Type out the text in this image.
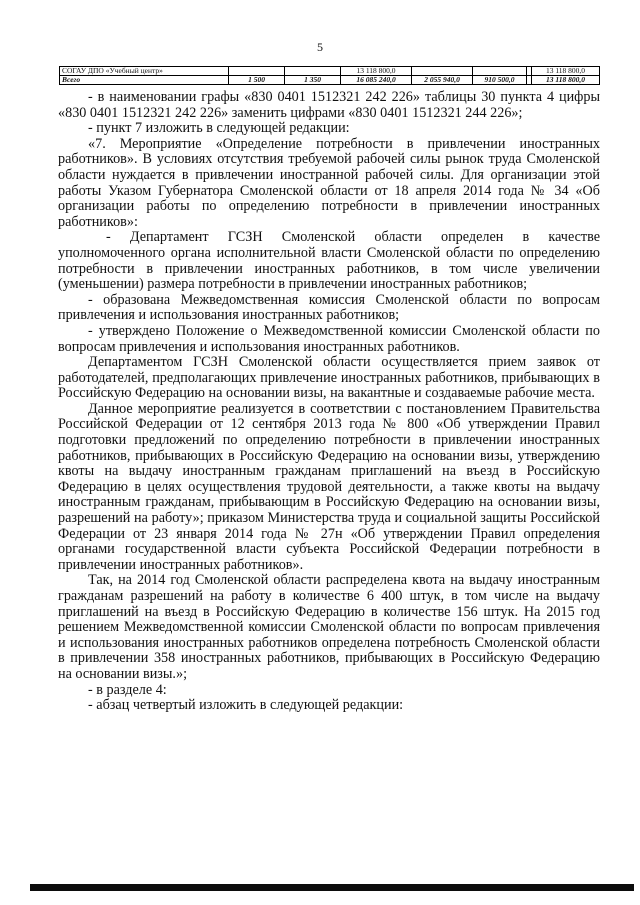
5
СОГАУ ДПО «Учебный центр»			13 118 800,0				13 118 800,0
Всего	1 500	1 350	16 085 240,0	2 055 940,0	910 500,0		13 118 800,0

- в наименовании графы «830 0401 1512321 242 226» таблицы 30 пункта 4 цифры «830 0401 1512321 242 226» заменить цифрами «830 0401 1512321 244 226»;

- пункт 7 изложить в следующей редакции:

«7. Мероприятие «Определение потребности в привлечении иностранных работников». В условиях отсутствия требуемой рабочей силы рынок труда Смоленской области нуждается в привлечении иностранной рабочей силы. Для организации этой работы Указом Губернатора Смоленской области от 18 апреля 2014 года № 34 «Об организации работы по определению потребности в привлечении иностранных работников»:

- Департамент ГСЗН Смоленской области определен в качестве уполномоченного органа исполнительной власти Смоленской области по определению потребности в привлечении иностранных работников, в том числе увеличении (уменьшении) размера потребности в привлечении иностранных работников;

- образована Межведомственная комиссия Смоленской области по вопросам привлечения и использования иностранных работников;

- утверждено Положение о Межведомственной комиссии Смоленской области по вопросам привлечения и использования иностранных работников.

Департаментом ГСЗН Смоленской области осуществляется прием заявок от работодателей, предполагающих привлечение иностранных работников, прибывающих в Российскую Федерацию на основании визы, на вакантные и создаваемые рабочие места.

Данное мероприятие реализуется в соответствии с постановлением Правительства Российской Федерации от 12 сентября 2013 года № 800 «Об утверждении Правил подготовки предложений по определению потребности в привлечении иностранных работников, прибывающих в Российскую Федерацию на основании визы, утверждению квоты на выдачу иностранным гражданам приглашений на въезд в Российскую Федерацию в целях осуществления трудовой деятельности, а также квоты на выдачу иностранным гражданам, прибывающим в Российскую Федерацию на основании визы, разрешений на работу»; приказом Министерства труда и социальной защиты Российской Федерации от 23 января 2014 года № 27н «Об утверждении Правил определения органами государственной власти субъекта Российской Федерации потребности в привлечении иностранных работников».

Так, на 2014 год Смоленской области распределена квота на выдачу иностранным гражданам разрешений на работу в количестве 6 400 штук, в том числе на выдачу приглашений на въезд в Российскую Федерацию в количестве 156 штук. На 2015 год решением Межведомственной комиссии Смоленской области по вопросам привлечения и использования иностранных работников определена потребность Смоленской области в привлечении 358 иностранных работников, прибывающих в Российскую Федерацию на основании визы.»;

- в разделе 4:

- абзац четвертый изложить в следующей редакции:
